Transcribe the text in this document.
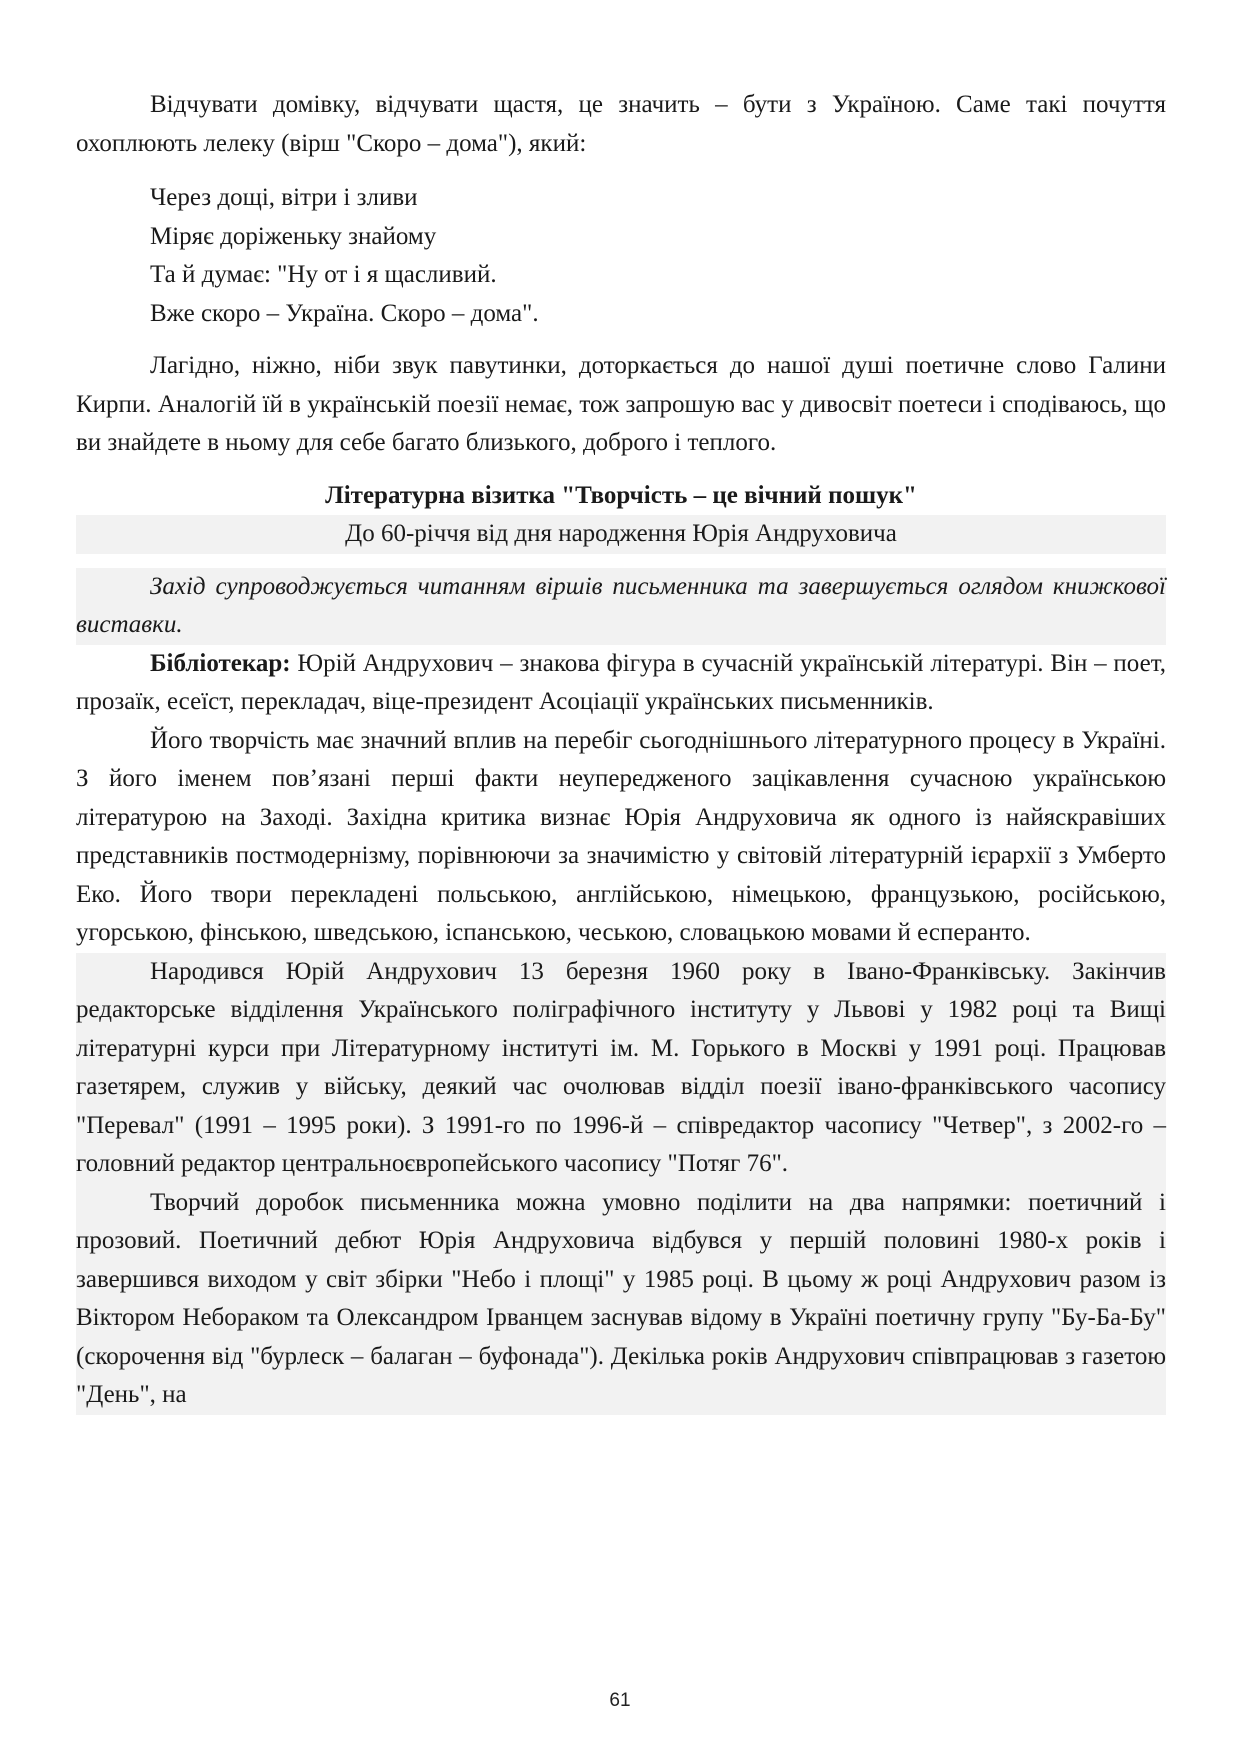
Відчувати домівку, відчувати щастя, це значить – бути з Україною. Саме такі почуття охоплюють лелеку (вірш "Скоро – дома"), який:

Через дощі, вітри і зливи
Міряє доріженьку знайому
Та й думає: "Ну от і я щасливий.
Вже скоро – Україна. Скоро – дома".

Лагідно, ніжно, ніби звук павутинки, доторкається до нашої душі поетичне слово Галини Кирпи. Аналогій їй в українській поезії немає, тож запрошую вас у дивосвіт поетеси і сподіваюсь, що ви знайдете в ньому для себе багато близького, доброго і теплого.

Літературна візитка "Творчість – це вічний пошук"

До 60-річчя від дня народження Юрія Андруховича

Захід супроводжується читанням віршів письменника та завершується оглядом книжкової виставки.

Бібліотекар: Юрій Андрухович – знакова фігура в сучасній українській літературі. Він – поет, прозаїк, есеїст, перекладач, віце-президент Асоціації українських письменників.

Його творчість має значний вплив на перебіг сьогоднішнього літературного процесу в Україні. З його іменем пов’язані перші факти неупередженого зацікавлення сучасною українською літературою на Заході. Західна критика визнає Юрія Андруховича як одного із найяскравіших представників постмодернізму, порівнюючи за значимістю у світовій літературній ієрархії з Умберто Еко. Його твори перекладені польською, англійською, німецькою, французькою, російською, угорською, фінською, шведською, іспанською, чеською, словацькою мовами й есперанто.

Народився Юрій Андрухович 13 березня 1960 року в Івано-Франківську. Закінчив редакторське відділення Українського поліграфічного інституту у Львові у 1982 році та Вищі літературні курси при Літературному інституті ім. М. Горького в Москві у 1991 році. Працював газетярем, служив у війську, деякий час очолював відділ поезії івано-франківського часопису "Перевал" (1991 – 1995 роки). З 1991-го по 1996-й – співредактор часопису "Четвер", з 2002-го – головний редактор центральноєвропейського часопису "Потяг 76".

Творчий доробок письменника можна умовно поділити на два напрямки: поетичний і прозовий. Поетичний дебют Юрія Андруховича відбувся у першій половині 1980-х років і завершився виходом у світ збірки "Небо і площі" у 1985 році. В цьому ж році Андрухович разом із Віктором Небораком та Олександром Ірванцем заснував відому в Україні поетичну групу "Бу-Ба-Бу" (скорочення від "бурлеск – балаган – буфонада"). Декілька років Андрухович співпрацював з газетою "День", на

61
